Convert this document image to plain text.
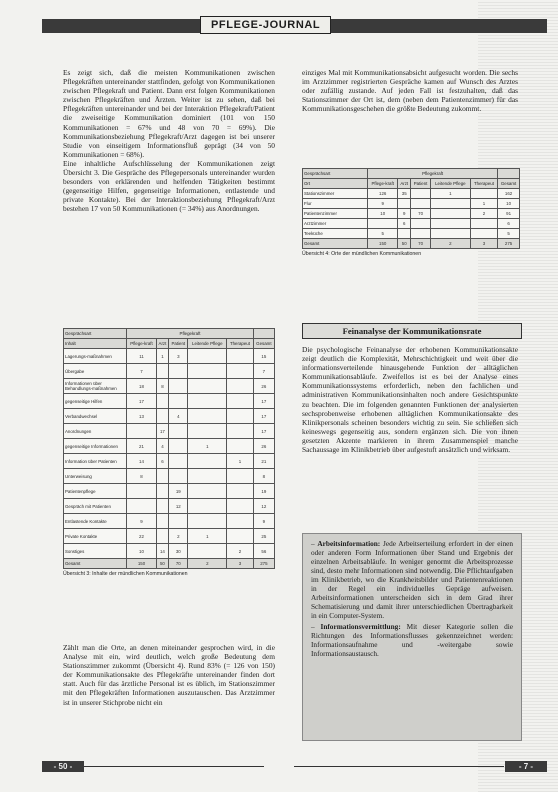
PFLEGE-JOURNAL

Es zeigt sich, daß die meisten Kommunikationen zwischen Pflegekräften untereinander stattfinden, gefolgt von Kommunikationen zwischen Pflegekraft und Patient. Dann erst folgen Kommunikationen zwischen Pflegekräften und Ärzten. Weiter ist zu sehen, daß bei Pflegekräften untereinander und bei der Interaktion Pflegekraft/Patient die zweiseitige Kommunikation dominiert (101 von 150 Kommunikationen = 67% und 48 von 70 = 69%). Die Kommunikationsbeziehung Pflegekraft/Arzt dagegen ist bei unserer Studie von einseitigem Informationsfluß geprägt (34 von 50 Kommunikationen = 68%).

Eine inhaltliche Aufschlüsselung der Kommunikationen zeigt Übersicht 3. Die Gespräche des Pflegepersonals untereinander wurden besonders von erklärenden und helfenden Tätigkeiten bestimmt (gegenseitige Hilfen, gegenseitige Informationen, entlastende und private Kontakte). Bei der Interaktionsbeziehung Pflegekraft/Arzt bestehen 17 von 50 Kommunikationen (= 34%) aus Anordnungen.

Gesprächsart	Pflegekraft					
Inhalt	Pflege-kraft	Arzt	Patient	Leitende Pflege	Therapeut	Gesamt
Lagerungs-maßnahmen	11	1	3			15
Übergabe	7					7
Informationen über Behandlungs-maßnahmen	18	8				26
gegenseitige Hilfen	17					17
Verbandwechsel	13		4			17
Anordnungen		17				17
gegenseitige Informationen	21	4		1		26
Information über Patienten	14	6			1	21
Unterweisung	8					8
Patientenpflege			19			19
Gespräch mit Patienten			12			12
Entlastende Kontakte	9					9
Private Kontakte	22		2	1		25
Sonstiges	10	14	30		2	56
Gesamt	150	50	70	2	3	275
Übersicht 3: Inhalte der mündlichen Kommunikationen

Zählt man die Orte, an denen miteinander gesprochen wird, in die Analyse mit ein, wird deutlich, welch große Bedeutung dem Stationszimmer zukommt (Übersicht 4). Rund 83% (= 126 von 150) der Kommunikationsakte des Pflegekräfte untereinander finden dort statt. Auch für das ärztliche Personal ist es üblich, im Stationszimmer mit den Pflegekräften Informationen auszutauschen. Das Arztzimmer ist in unserer Stichprobe nicht ein

einziges Mal mit Kommunikationsabsicht aufgesucht worden. Die sechs im Arztzimmer registrierten Gespräche kamen auf Wunsch des Arztes oder zufällig zustande. Auf jeden Fall ist festzuhalten, daß das Stationszimmer der Ort ist, dem (neben dem Patientenzimmer) für das Kommunikationsgeschehen die größte Bedeutung zukommt.

Gesprächsart	Pflegekraft					
Ort	Pflege-kraft	Arzt	Patient	Leitende Pflege	Therapeut	Gesamt
Stationszimmer	126	35		1		162
Flur	9				1	10
Patientenzimmer	10	9	70		2	91
Arztzimmer		6				6
Teeküche	5					5
Gesamt	150	50	70	2	3	275
Übersicht 4: Orte der mündlichen Kommunikationen
Feinanalyse der Kommunikationsrate

Die psychologische Feinanalyse der erhobenen Kommunikationsakte zeigt deutlich die Komplexität, Mehrschichtigkeit und weit über die informationsverteilende hinausgehende Funktion der alltäglichen Kommunikationsabläufe. Zweifellos ist es bei der Analyse eines Kommunikationssystems erforderlich, neben den fachlichen und administrativen Kommunikationsinhalten noch andere Gesichtspunkte zu beachten. Die im folgenden genannten Funktionen der analysierten sechsprobenweise erhobenen alltäglichen Kommunikationsakte des Klinikpersonals scheinen besonders wichtig zu sein. Sie schließen sich keineswegs gegenseitig aus, sondern ergänzen sich. Die von ihnen gesetzten Akzente markieren in ihrem Zusammenspiel manche Sachaussage im Klinikbetrieb über aufgestuft ansätzlich und wirksam.

– Arbeitsinformation: Jede Arbeitserteilung erfordert in der einen oder anderen Form Informationen über Stand und Ergebnis der einzelnen Arbeitsabläufe. In weniger genormt die Arbeitsprozesse sind, desto mehr Informationen sind notwendig. Die Pflichtaufgaben im Klinikbetrieb, wo die Krankheitsbilder und Patientenreaktionen in der Regel ein individuelles Gepräge aufweisen. Arbeitsinformationen unterscheiden sich in dem Grad ihrer Schematisierung und damit ihrer unterschiedlichen Übertragbarkeit in ein Computer-System.
– Informationsvermittlung: Mit dieser Kategorie sollen die Richtungen des Informationsflusses gekennzeichnet werden: Informationsaufnahme und -weitergabe sowie Informationsaustausch.
- 50 -	- 7 -
